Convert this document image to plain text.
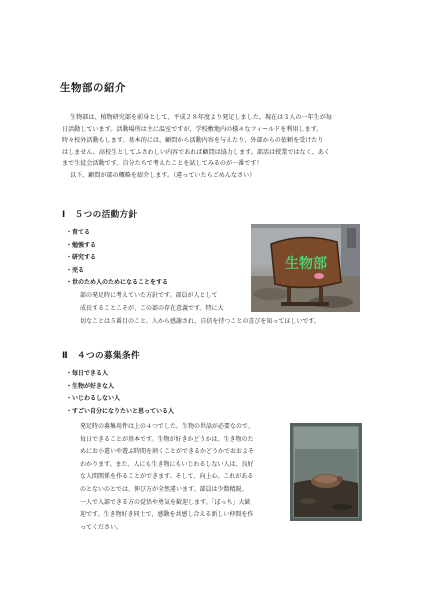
生物部の紹介

生物部は、植物研究部を前身として、平成２８年度より発足しました。現在は３人の一年生が毎

日活動しています。活動場所は主に温室ですが、学校敷地内の様々なフィールドを利用します。

時々校外活動もします。基本的には、顧問から活動内容を与えたり、外部からの依頼を受けたり

はしません。高校生としてふさわしい内容であれば顧問は協力します。部活は授業ではなく、あく

まで生徒会活動です。自分たちで考えたことを試してみるのが一番です！

以下、顧問が部の概略を紹介します。（違っていたらごめんなさい）

Ⅰ　５つの活動方針
・育てる
・勉強する
・研究する
・売る
・世のため人のためになることをする
部の発足時に考えていた方針です。部員が人として
成長することこそが、この部の存在意義です。特に大
切なことは５番目のこと。人から感謝され、自信を持つことの喜びを知ってほしいです。
生物部
Ⅱ　４つの募集条件
・毎日できる人
・生物が好きな人
・いじわるしない人
・すごい自分になりたいと思っている人
発足時の募集用件は上の４つでした。生物の世話が必要なので、
毎日できることが基本です。生物が好きかどうかは、生き物のた
めにお小遣いや遊ぶ時間を割くことができるかどうかでおおよそ
わかります。また、人にも生き物にもいじわるしない人は、良好
な人間関係を作ることができます。そして、向上心。これがある
のとないのとでは、伸び方が全然違います。部員は少数精鋭。
一人で入部できる方の覚悟や勇気を歓迎します。「ぼっち」大歓
迎です。生き物好き同士で、感動を共感し合える新しい仲間を作
ってください。
